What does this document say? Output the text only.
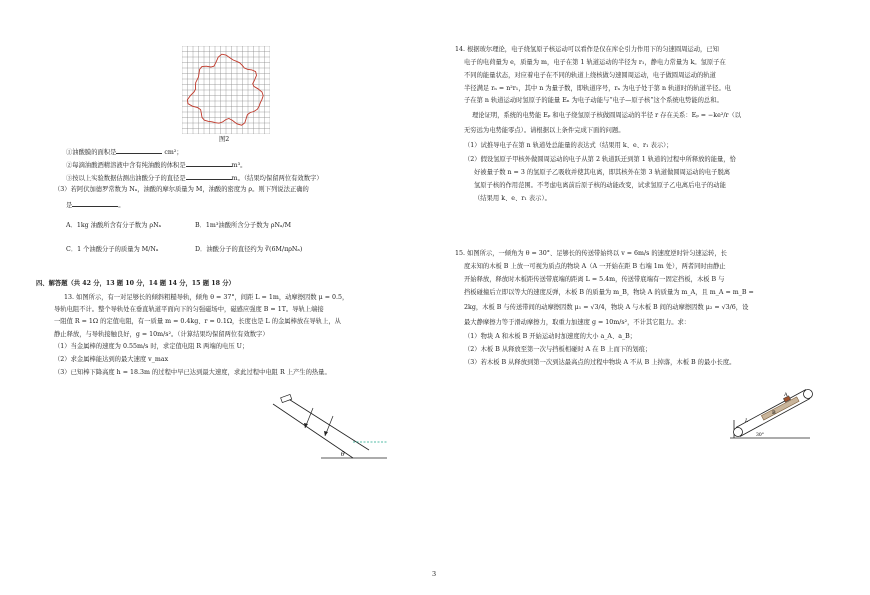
图2
①油酸膜的面积是	cm²；
②每滴油酸酒精溶液中含有纯油酸的体积是	m³。
③按以上实验数据估测出油酸分子的直径是	m。（结果均保留两位有效数字）
（3）若阿伏加德罗常数为 Nₐ，油酸的摩尔质量为 M，油酸的密度为 ρ。则下列说法正确的
是	。
A．1kg 油酸所含有分子数为 ρNₐ	B．1m³油酸所含分子数为 ρNₐ/M
C．1 个油酸分子的质量为 M/Nₐ	D．油酸分子的直径约为 ∛(6M/πρNₐ)
四、解答题（共 42 分，13 题 10 分，14 题 14 分，15 题 18 分）
13. 如图所示，有一对足够长的倾斜粗糙导轨，倾角 θ = 37°，间距 L = 1m，动摩擦因数 μ = 0.5，
导轨电阻不计。整个导轨处在垂直轨道平面向下的匀强磁场中，磁感应强度 B = 1T。导轨上端接
一阻值 R = 1Ω 的定值电阻，有一质量 m = 0.4kg、r = 0.1Ω，长度也是 L 的金属棒放在导轨上，从
静止释放，与导轨接触良好，g = 10m/s²。（计算结果均保留两位有效数字）
（1）当金属棒的速度为 0.55m/s 时，求定值电阻 R 两端的电压 U；
（2）求金属棒能达到的最大速度 v_max
（3）已知棒下降高度 h = 18.3m 的过程中早已达到最大速度，求此过程中电阻 R 上产生的热量。
θ
14. 根据玻尔理论，电子绕氢原子核运动可以看作是仅在库仑引力作用下的匀速圆周运动，已知
电子的电荷量为 e，质量为 m，电子在第 1 轨道运动的半径为 r₁，静电力常量为 k。氢原子在
不同的能量状态，对应着电子在不同的轨道上绕核做匀速圆周运动，电子做圆周运动的轨道
半径满足 rₙ = n²r₁，其中 n 为量子数，即轨道序号，rₙ 为电子处于第 n 轨道时的轨道半径。电
子在第 n 轨道运动时氢原子的能量 Eₙ 为电子动能与“电子—原子核”这个系统电势能的总和。
理论证明，系统的电势能 Eₚ 和电子绕氢原子核做圆周运动的半径 r 存在关系：Eₚ = −ke²/r（以
无穷远为电势能零点）。请根据以上条件完成下面的问题。
（1）试推导电子在第 n 轨道处总能量的表达式（结果用 k、e、r₁ 表示）；
（2）假设氢原子甲核外做圆周运动的电子从第 2 轨道跃迁到第 1 轨道的过程中所释放的能量，恰
好被量子数 n = 3 的氢原子乙吸收并使其电离，即其核外在第 3 轨道做圆周运动的电子脱离
氢原子核的作用范围。不考虑电离前后原子核的动能改变，试求氢原子乙电离后电子的动能
（结果用 k、e、r₁ 表示）。
15. 如图所示，一倾角为 θ = 30°、足够长的传送带始终以 v = 6m/s 的速度逆时针匀速运转，长
度未知的木板 B 上放一可视为质点的物块 A（A 一开始在距 B 右端 1m 处），两者同时由静止
开始释放，释放时木板距传送带底端的距离 L = 5.4m，传送带底端有一固定挡板，木板 B 与
挡板碰撞后立即以等大的速度反弹，木板 B 的质量为 m_B，物块 A 的质量为 m_A，且 m_A = m_B =
2kg，木板 B 与传送带间的动摩擦因数 μ₁ = √3/4，物块 A 与木板 B 间的动摩擦因数 μ₂ = √3/6，设
最大静摩擦力等于滑动摩擦力，取重力加速度 g = 10m/s²，不计其它阻力。求：
（1）物块 A 和木板 B 开始运动时加速度的大小 a_A、a_B；
（2）木板 B 从释放至第一次与挡板相碰时 A 在 B 上而下的划痕；
（3）若木板 B 从释放到第一次到达最高点的过程中物块 A 不从 B 上掉落，木板 B 的最小长度。
A
B
L
30°
3
